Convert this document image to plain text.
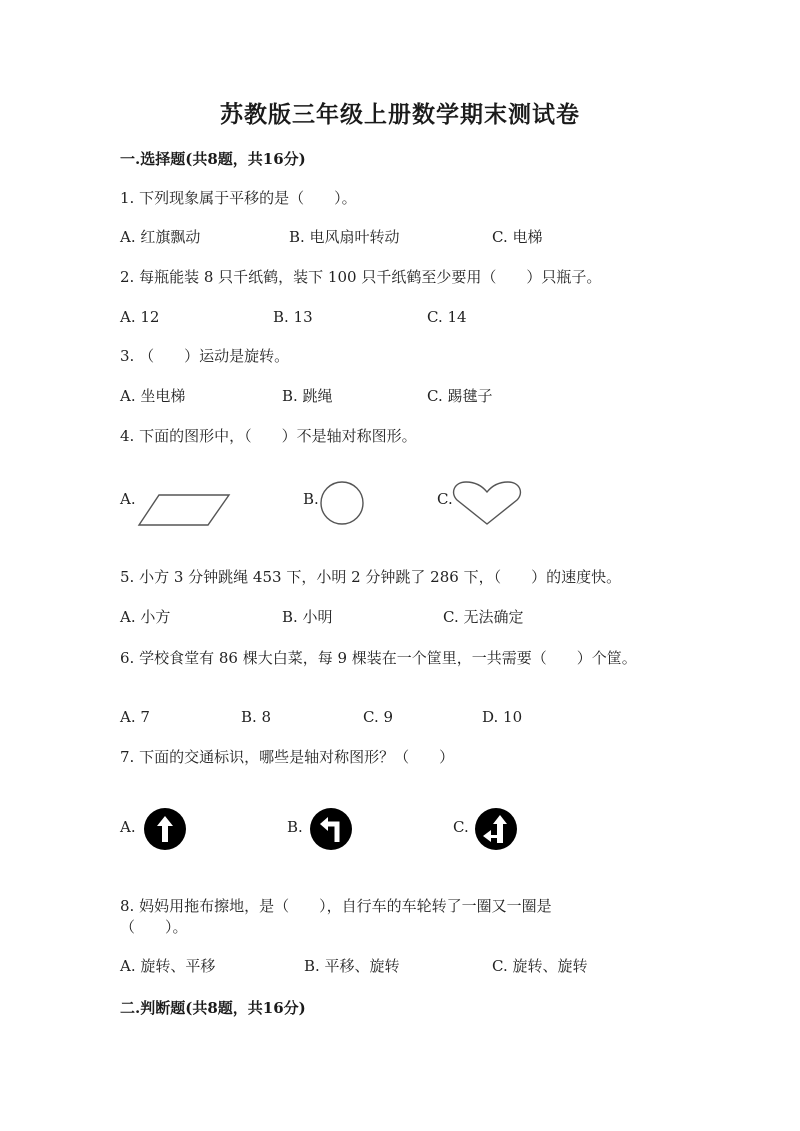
苏教版三年级上册数学期末测试卷
一.选择题(共8题，共16分)
1. 下列现象属于平移的是（　　）。
A. 红旗飘动	B. 电风扇叶转动	C. 电梯
2. 每瓶能装 8 只千纸鹤，装下 100 只千纸鹤至少要用（　　）只瓶子。
A. 12	B. 13	C. 14
3. （　　）运动是旋转。
A. 坐电梯	B. 跳绳	C. 踢毽子
4. 下面的图形中，（　　）不是轴对称图形。
A.	B.	C.
5. 小方 3 分钟跳绳 453 下，小明 2 分钟跳了 286 下，（　　）的速度快。
A. 小方	B. 小明	C. 无法确定
6. 学校食堂有 86 棵大白菜，每 9 棵装在一个筐里，一共需要（　　）个筐。
A. 7	B. 8	C. 9	D. 10
7. 下面的交通标识，哪些是轴对称图形？（　　）
A.	B.	C.
8. 妈妈用拖布擦地，是（　　），自行车的车轮转了一圈又一圈是
（　　）。
A. 旋转、平移	B. 平移、旋转	C. 旋转、旋转
二.判断题(共8题，共16分)
